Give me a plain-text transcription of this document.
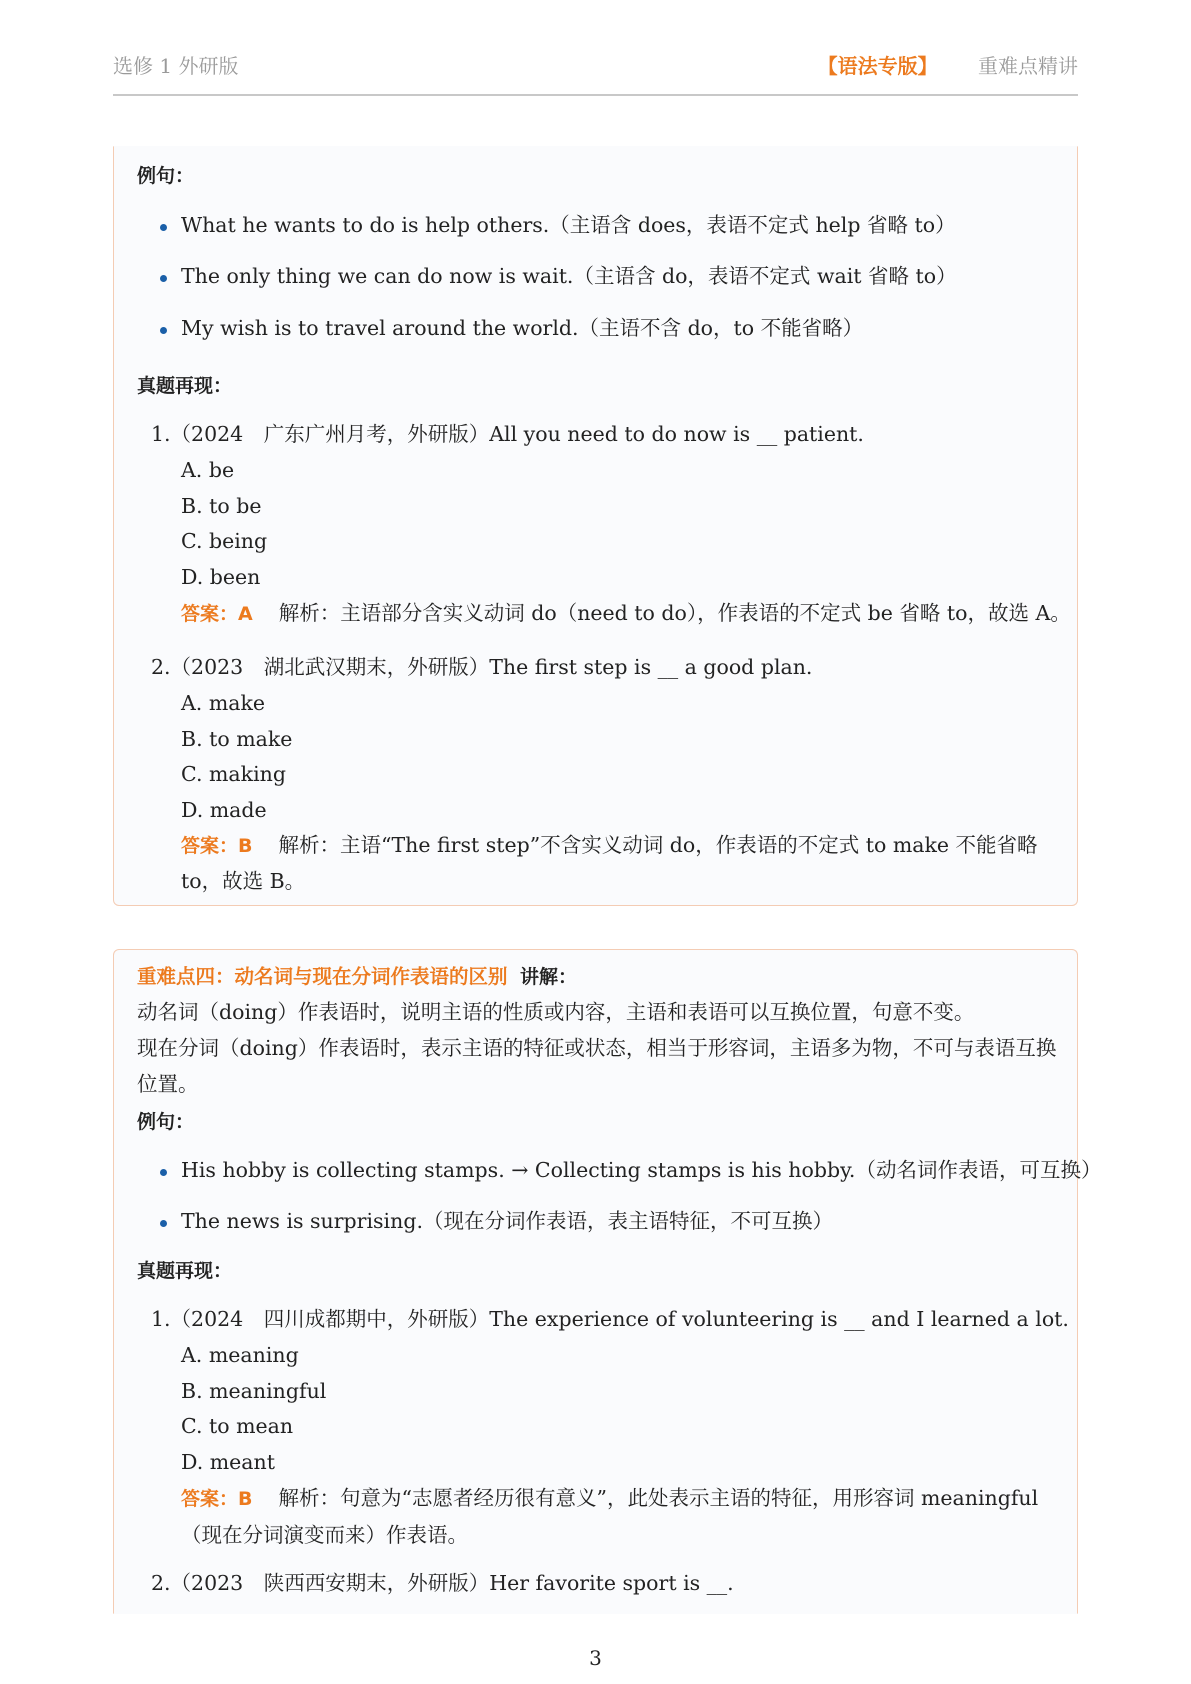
选修 1 外研版	【语法专版】 重难点精讲
例句：
What he wants to do is help others.（主语含 does，表语不定式 help 省略 to）
The only thing we can do now is wait.（主语含 do，表语不定式 wait 省略 to）
My wish is to travel around the world.（主语不含 do，to 不能省略）
真题再现：
1.（2024　广东广州月考，外研版）All you need to do now is __ patient.
A. be
B. to be
C. being
D. been
答案：A 解析：主语部分含实义动词 do（need to do），作表语的不定式 be 省略 to，故选 A。
2.（2023　湖北武汉期末，外研版）The first step is __ a good plan.
A. make
B. to make
C. making
D. made
答案：B 解析：主语“The first step”不含实义动词 do，作表语的不定式 to make 不能省略
to，故选 B。
重难点四：动名词与现在分词作表语的区别 讲解：
动名词（doing）作表语时，说明主语的性质或内容，主语和表语可以互换位置，句意不变。
现在分词（doing）作表语时，表示主语的特征或状态，相当于形容词，主语多为物，不可与表语互换位置。
例句：
His hobby is collecting stamps. → Collecting stamps is his hobby.（动名词作表语，可互换）
The news is surprising.（现在分词作表语，表主语特征，不可互换）
真题再现：
1.（2024　四川成都期中，外研版）The experience of volunteering is __ and I learned a lot.
A. meaning
B. meaningful
C. to mean
D. meant
答案：B 解析：句意为“志愿者经历很有意义”，此处表示主语的特征，用形容词 meaningful（现在分词演变而来）作表语。
2.（2023　陕西西安期末，外研版）Her favorite sport is __.
3
